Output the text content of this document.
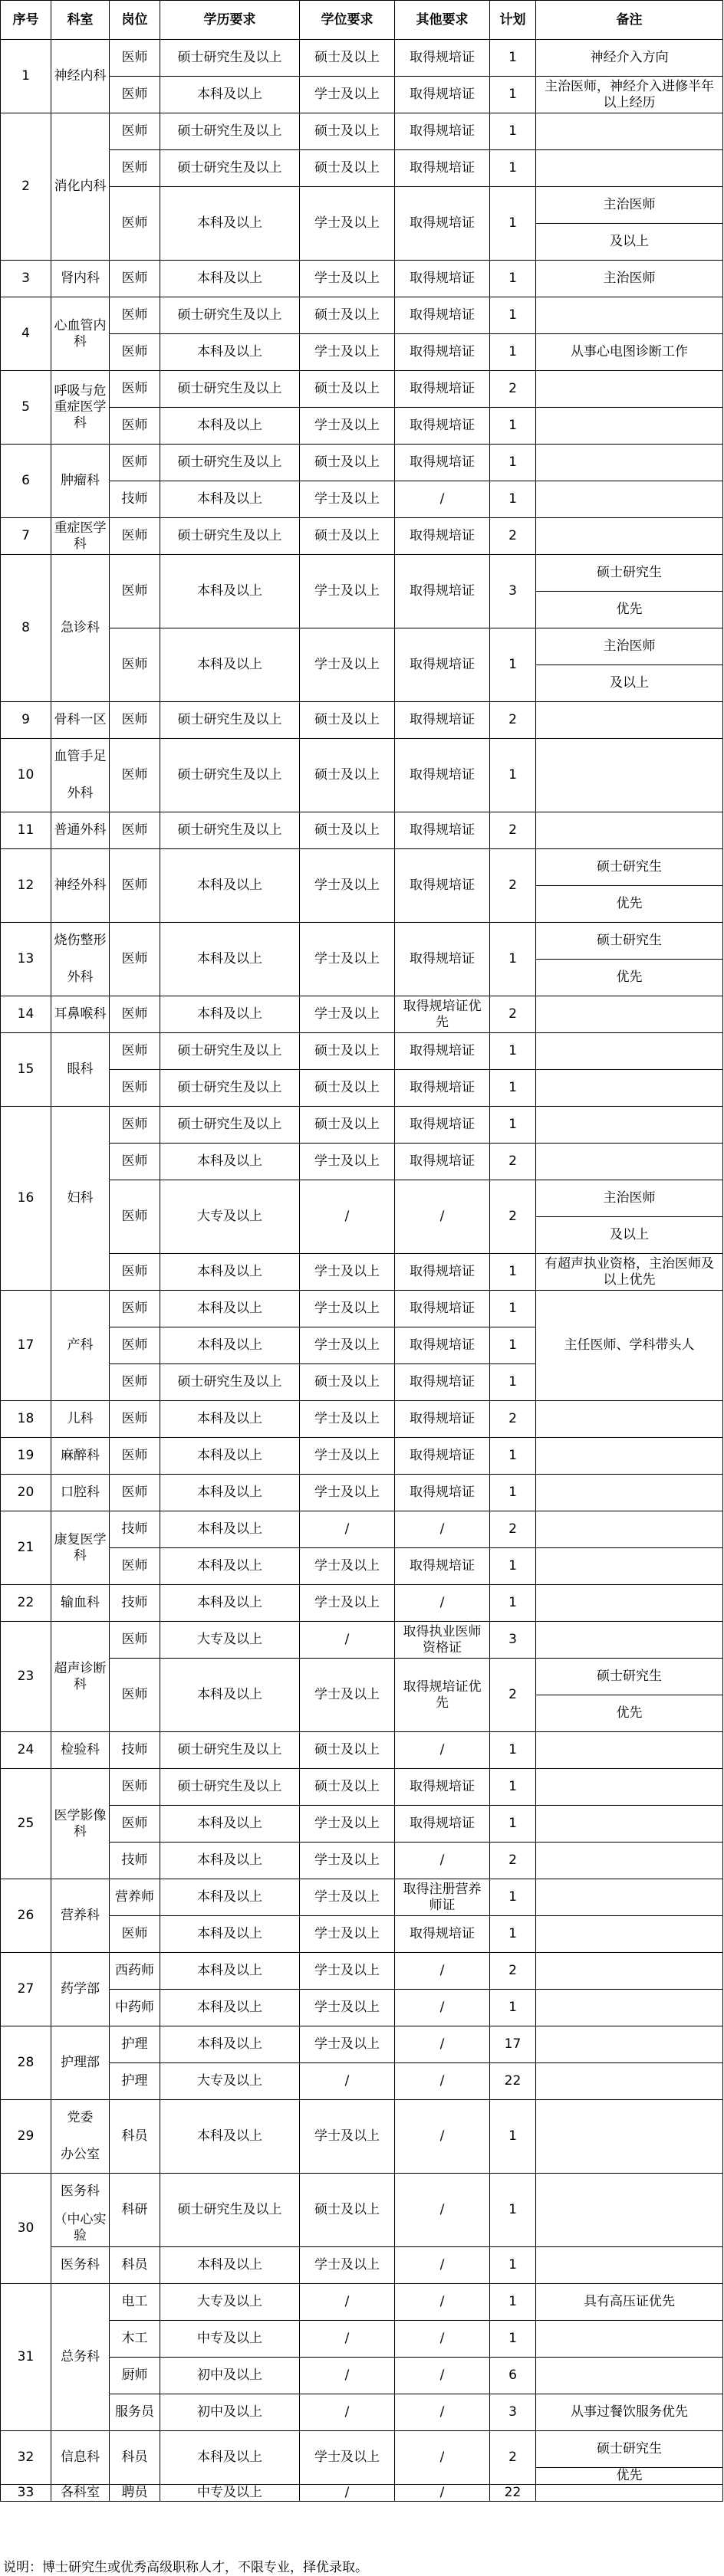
序号	科室	岗位	学历要求	学位要求	其他要求	计划	备注
1	神经内科	医师	硕士研究生及以上	硕士及以上	取得规培证	1	神经介入方向
		医师	本科及以上	学士及以上	取得规培证	1	主治医师，神经介入进修半年以上经历
2	消化内科	医师	硕士研究生及以上	硕士及以上	取得规培证	1	
		医师	硕士研究生及以上	硕士及以上	取得规培证	1	
		医师	本科及以上	学士及以上	取得规培证	1	主治医师
							及以上
3	肾内科	医师	本科及以上	学士及以上	取得规培证	1	主治医师
4	心血管内科	医师	硕士研究生及以上	硕士及以上	取得规培证	1	
		医师	本科及以上	学士及以上	取得规培证	1	从事心电图诊断工作
5	呼吸与危重症医学科	医师	硕士研究生及以上	硕士及以上	取得规培证	2	
		医师	本科及以上	学士及以上	取得规培证	1	
6	肿瘤科	医师	硕士研究生及以上	硕士及以上	取得规培证	1	
		技师	本科及以上	学士及以上	/	1	
7	重症医学科	医师	硕士研究生及以上	硕士及以上	取得规培证	2	
8	急诊科	医师	本科及以上	学士及以上	取得规培证	3	硕士研究生
							优先
		医师	本科及以上	学士及以上	取得规培证	1	主治医师
							及以上
9	骨科一区	医师	硕士研究生及以上	硕士及以上	取得规培证	2	
10	血管手足	医师	硕士研究生及以上	硕士及以上	取得规培证	1	
	外科						
11	普通外科	医师	硕士研究生及以上	硕士及以上	取得规培证	2	
12	神经外科	医师	本科及以上	学士及以上	取得规培证	2	硕士研究生
							优先
13	烧伤整形	医师	本科及以上	学士及以上	取得规培证	1	硕士研究生
	外科						优先
14	耳鼻喉科	医师	本科及以上	学士及以上	取得规培证优先	2	
15	眼科	医师	硕士研究生及以上	硕士及以上	取得规培证	1	
		医师	硕士研究生及以上	硕士及以上	取得规培证	1	
16	妇科	医师	硕士研究生及以上	硕士及以上	取得规培证	1	
		医师	本科及以上	学士及以上	取得规培证	2	
		医师	大专及以上	/	/	2	主治医师
							及以上
		医师	本科及以上	学士及以上	取得规培证	1	有超声执业资格，主治医师及以上优先
17	产科	医师	本科及以上	学士及以上	取得规培证	1	主任医师、学科带头人
		医师	本科及以上	学士及以上	取得规培证	1	
		医师	硕士研究生及以上	硕士及以上	取得规培证	1	
18	儿科	医师	本科及以上	学士及以上	取得规培证	2	
19	麻醉科	医师	本科及以上	学士及以上	取得规培证	1	
20	口腔科	医师	本科及以上	学士及以上	取得规培证	1	
21	康复医学科	技师	本科及以上	/	/	2	
		医师	本科及以上	学士及以上	取得规培证	1	
22	输血科	技师	本科及以上	学士及以上	/	1	
23	超声诊断科	医师	大专及以上	/	取得执业医师资格证	3	
		医师	本科及以上	学士及以上	取得规培证优先	2	硕士研究生
							优先
24	检验科	技师	硕士研究生及以上	硕士及以上	/	1	
25	医学影像科	医师	硕士研究生及以上	硕士及以上	取得规培证	1	
		医师	本科及以上	学士及以上	取得规培证	1	
		技师	本科及以上	学士及以上	/	2	
26	营养科	营养师	本科及以上	学士及以上	取得注册营养师证	1	
		医师	本科及以上	学士及以上	取得规培证	1	
27	药学部	西药师	本科及以上	学士及以上	/	2	
		中药师	本科及以上	学士及以上	/	1	
28	护理部	护理	本科及以上	学士及以上	/	17	
		护理	大专及以上	/	/	22	
29	党委	科员	本科及以上	学士及以上	/	1	
	办公室						
30	医务科	科研	硕士研究生及以上	硕士及以上	/	1	
	（中心实验						
	医务科	科员	本科及以上	学士及以上	/	1	
31	总务科	电工	大专及以上	/	/	1	具有高压证优先
		木工	中专及以上	/	/	1	
		厨师	初中及以上	/	/	6	
		服务员	初中及以上	/	/	3	从事过餐饮服务优先
32	信息科	科员	本科及以上	学士及以上	/	2	硕士研究生
							优先
33	各科室	聘员	中专及以上	/	/	22	
说明：博士研究生或优秀高级职称人才，不限专业，择优录取。
